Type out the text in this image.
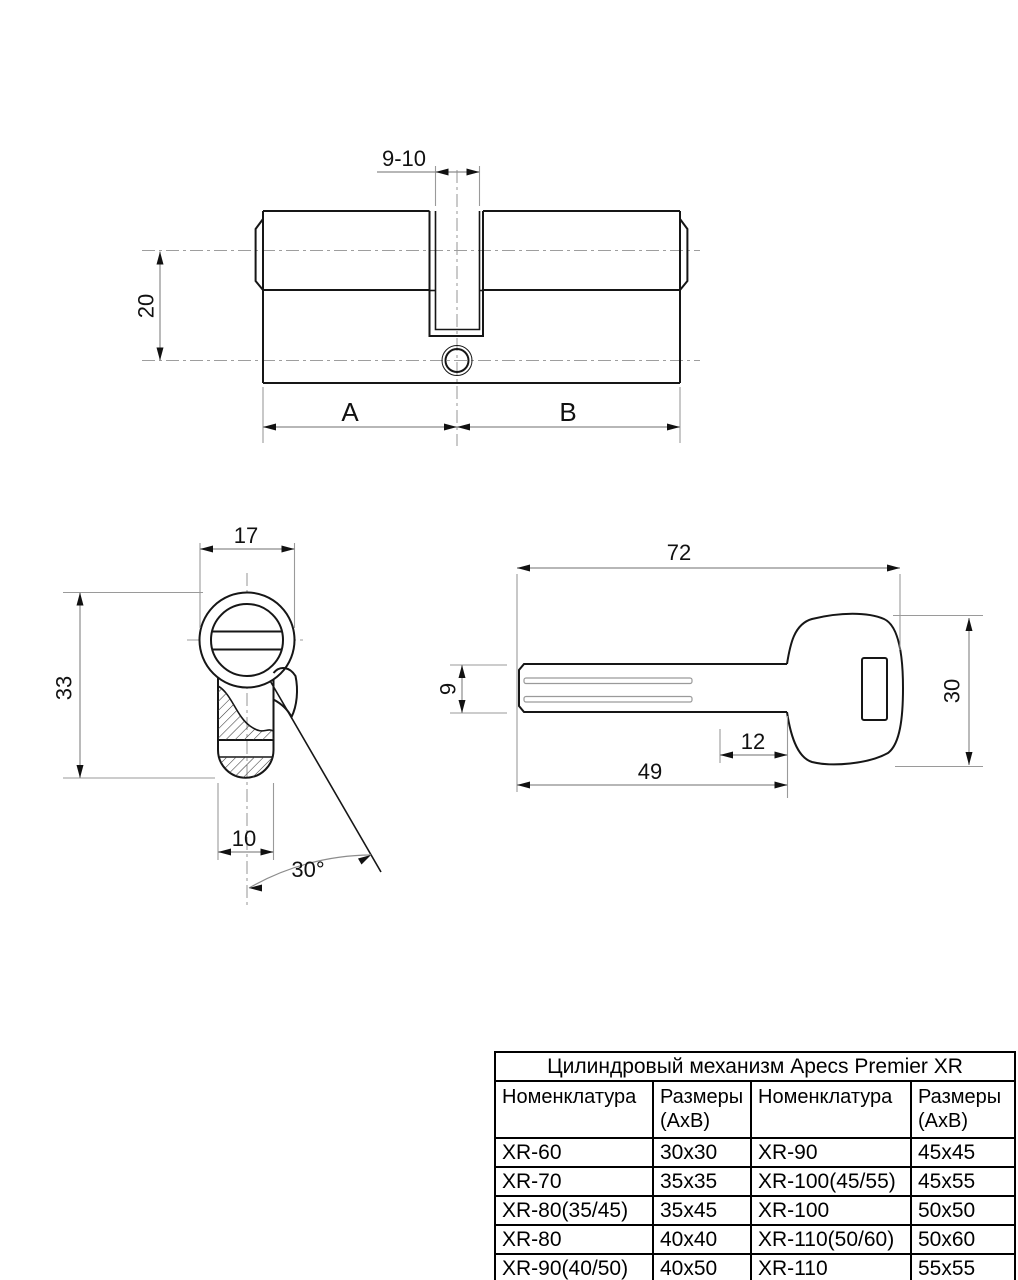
9-10
20
A	B
17
33
10
30°
72
9
12
49
30
Цилиндровый механизм Apecs Premier XR			
Номенклатура	Размеры (AxB)	Номенклатура	Размеры (AxB)
XR-60	30x30	XR-90	45x45
XR-70	35x35	XR-100(45/55)	45x55
XR-80(35/45)	35x45	XR-100	50x50
XR-80	40x40	XR-110(50/60)	50x60
XR-90(40/50)	40x50	XR-110	55x55
